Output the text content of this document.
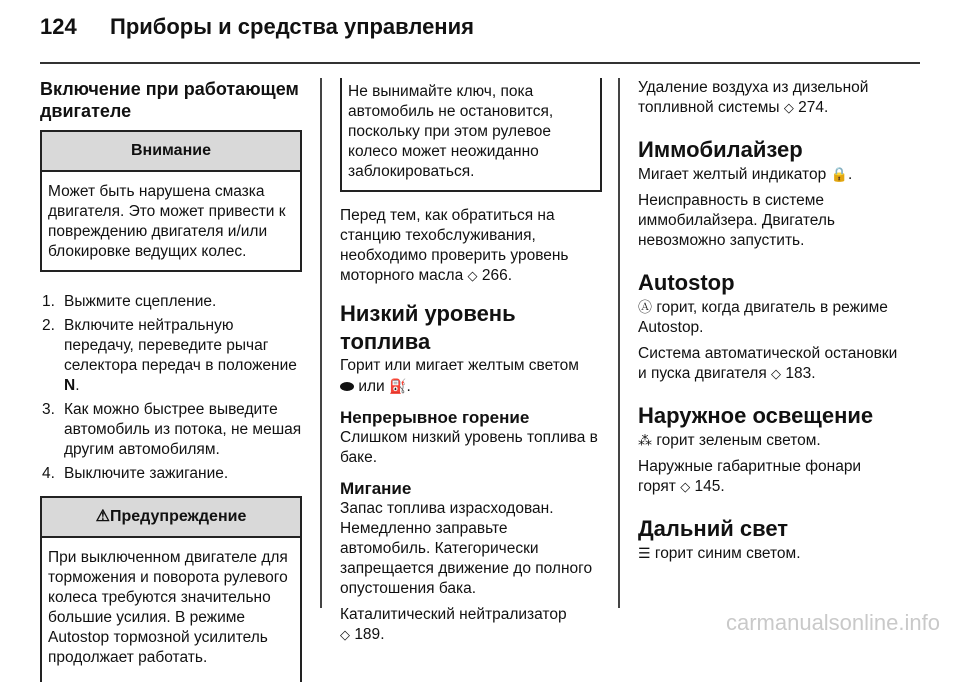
124 Приборы и средства управления

Включение при работающем двигателе

Внимание
Может быть нарушена смазка двигателя. Это может привести к повреждению двигателя и/или блокировке ведущих колес.
1. Выжмите сцепление.
2. Включите нейтральную передачу, переведите рычаг селектора передач в положение N.
3. Как можно быстрее выведите автомобиль из потока, не мешая другим автомобилям.
4. Выключите зажигание.
⚠Предупреждение
При выключенном двигателе для торможения и поворота рулевого колеса требуются значительно большие усилия. В режиме Autostop тормозной усилитель продолжает работать.
Не вынимайте ключ, пока автомобиль не остановится, поскольку при этом рулевое колесо может неожиданно заблокироваться.

Перед тем, как обратиться на станцию техобслуживания, необходимо проверить уровень моторного масла ◇ 266.

Низкий уровень топлива

Горит или мигает желтым светом
или ⛽.

Непрерывное горение

Слишком низкий уровень топлива в баке.

Мигание

Запас топлива израсходован. Немедленно заправьте автомобиль. Категорически запрещается движение до полного опустошения бака.

Каталитический нейтрализатор
◇ 189.

Удаление воздуха из дизельной топливной системы ◇ 274.

Иммобилайзер

Мигает желтый индикатор 🔒.

Неисправность в системе иммобилайзера. Двигатель невозможно запустить.

Autostop

Ⓐ горит, когда двигатель в режиме Autostop.

Система автоматической остановки и пуска двигателя ◇ 183.

Наружное освещение

⁂ горит зеленым светом.

Наружные габаритные фонари горят ◇ 145.

Дальний свет

☰ горит синим светом.

carmanualsonline.info
